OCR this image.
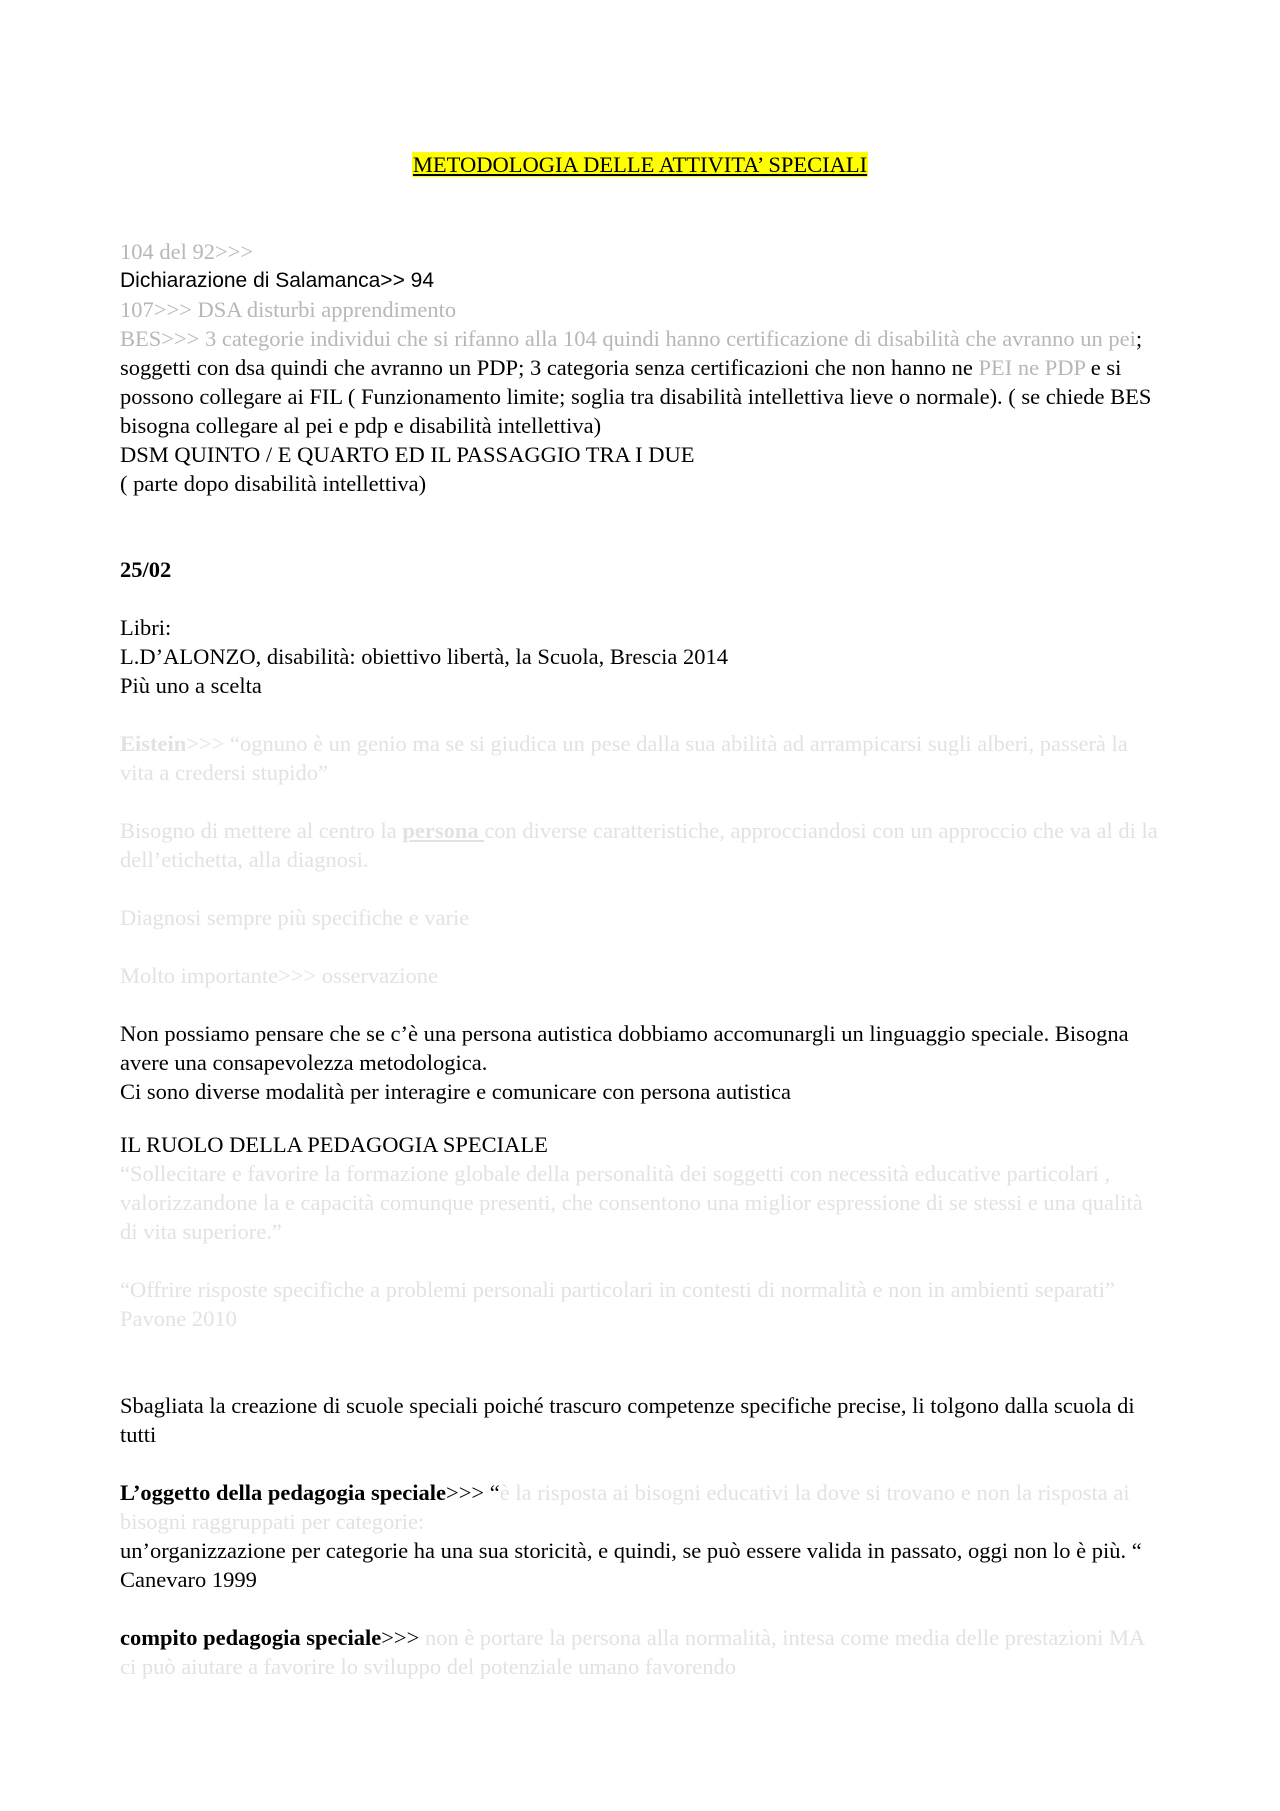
METODOLOGIA DELLE ATTIVITA’ SPECIALI
104 del 92>>>
Dichiarazione di Salamanca>> 94
107>>> DSA disturbi apprendimento
BES>>> 3 categorie individui che si rifanno alla 104 quindi hanno certificazione di disabilità che avranno un pei; soggetti con dsa quindi che avranno un PDP; 3 categoria senza certificazioni che non hanno ne PEI ne PDP e si possono collegare ai FIL ( Funzionamento limite; soglia tra disabilità intellettiva lieve o normale). ( se chiede BES bisogna collegare al pei e pdp e disabilità intellettiva)
DSM QUINTO / E QUARTO ED IL PASSAGGIO TRA I DUE
( parte dopo disabilità intellettiva)
25/02
Libri:
L.D’ALONZO, disabilità: obiettivo libertà, la Scuola, Brescia 2014
Più uno a scelta
Eistein>>> “ognuno è un genio ma se si giudica un pese dalla sua abilità ad arrampicarsi sugli alberi, passerà la vita a credersi stupido”
Bisogno di mettere al centro la persona con diverse caratteristiche, approcciandosi con un approccio che va al di la dell’etichetta, alla diagnosi.
Diagnosi sempre più specifiche e varie
Molto importante>>> osservazione
Non possiamo pensare che se c’è una persona autistica dobbiamo accomunargli un linguaggio speciale. Bisogna avere una consapevolezza metodologica.
Ci sono diverse modalità per interagire e comunicare con persona autistica
IL RUOLO DELLA PEDAGOGIA SPECIALE
“Sollecitare e favorire la formazione globale della personalità dei soggetti con necessità educative particolari , valorizzandone la e capacità comunque presenti, che consentono una miglior espressione di se stessi e una qualità di vita superiore.”
“Offrire risposte specifiche a problemi personali particolari in contesti di normalità e non in ambienti separati” Pavone 2010
Sbagliata la creazione di scuole speciali poiché trascuro competenze specifiche precise, li tolgono dalla scuola di tutti
L’oggetto della pedagogia speciale>>> “è la risposta ai bisogni educativi la dove si trovano e non la risposta ai bisogni raggruppati per categorie:
un’organizzazione per categorie ha una sua storicità, e quindi, se può essere valida in passato, oggi non lo è più. “ Canevaro 1999
compito pedagogia speciale>>> non è portare la persona alla normalità, intesa come media delle prestazioni MA ci può aiutare a favorire lo sviluppo del potenziale umano favorendo
